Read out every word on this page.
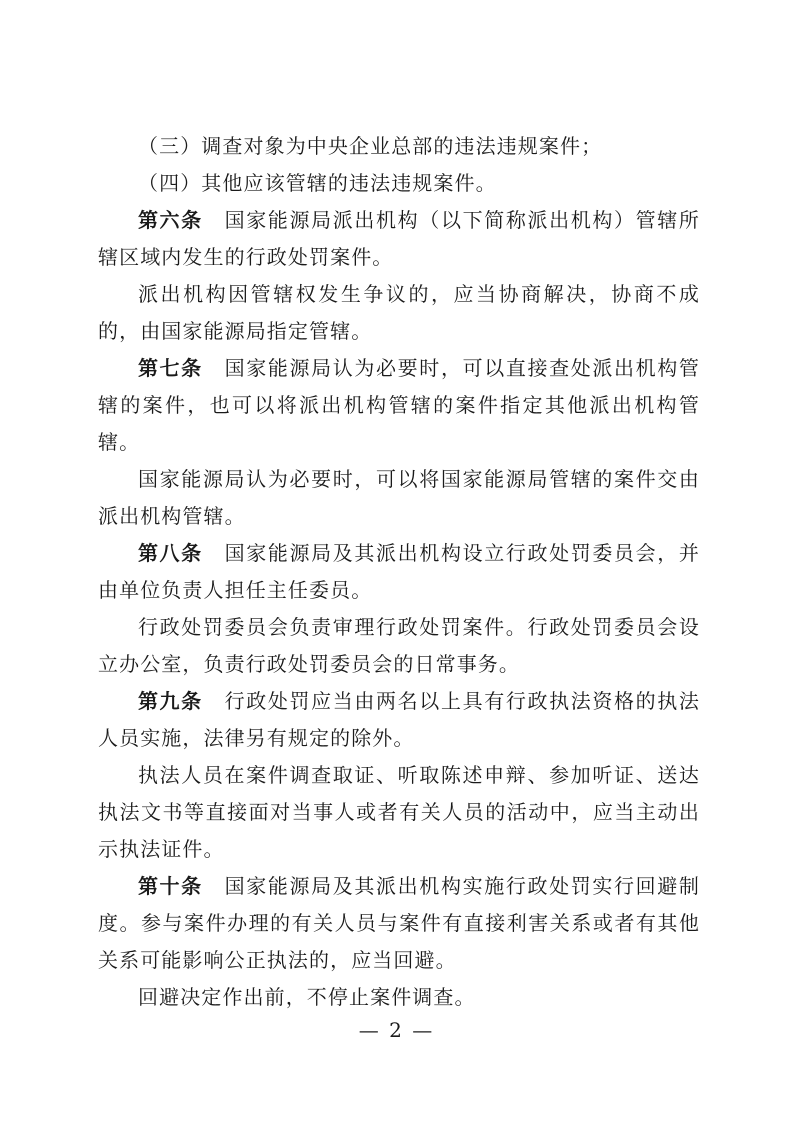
（三）调查对象为中央企业总部的违法违规案件；

（四）其他应该管辖的违法违规案件。

第六条 国家能源局派出机构（以下简称派出机构）管辖所辖区域内发生的行政处罚案件。

派出机构因管辖权发生争议的，应当协商解决，协商不成的，由国家能源局指定管辖。

第七条 国家能源局认为必要时，可以直接查处派出机构管辖的案件，也可以将派出机构管辖的案件指定其他派出机构管辖。

国家能源局认为必要时，可以将国家能源局管辖的案件交由派出机构管辖。

第八条 国家能源局及其派出机构设立行政处罚委员会，并由单位负责人担任主任委员。

行政处罚委员会负责审理行政处罚案件。行政处罚委员会设立办公室，负责行政处罚委员会的日常事务。

第九条 行政处罚应当由两名以上具有行政执法资格的执法人员实施，法律另有规定的除外。

执法人员在案件调查取证、听取陈述申辩、参加听证、送达执法文书等直接面对当事人或者有关人员的活动中，应当主动出示执法证件。

第十条 国家能源局及其派出机构实施行政处罚实行回避制度。参与案件办理的有关人员与案件有直接利害关系或者有其他关系可能影响公正执法的，应当回避。

回避决定作出前，不停止案件调查。

— 2 —
